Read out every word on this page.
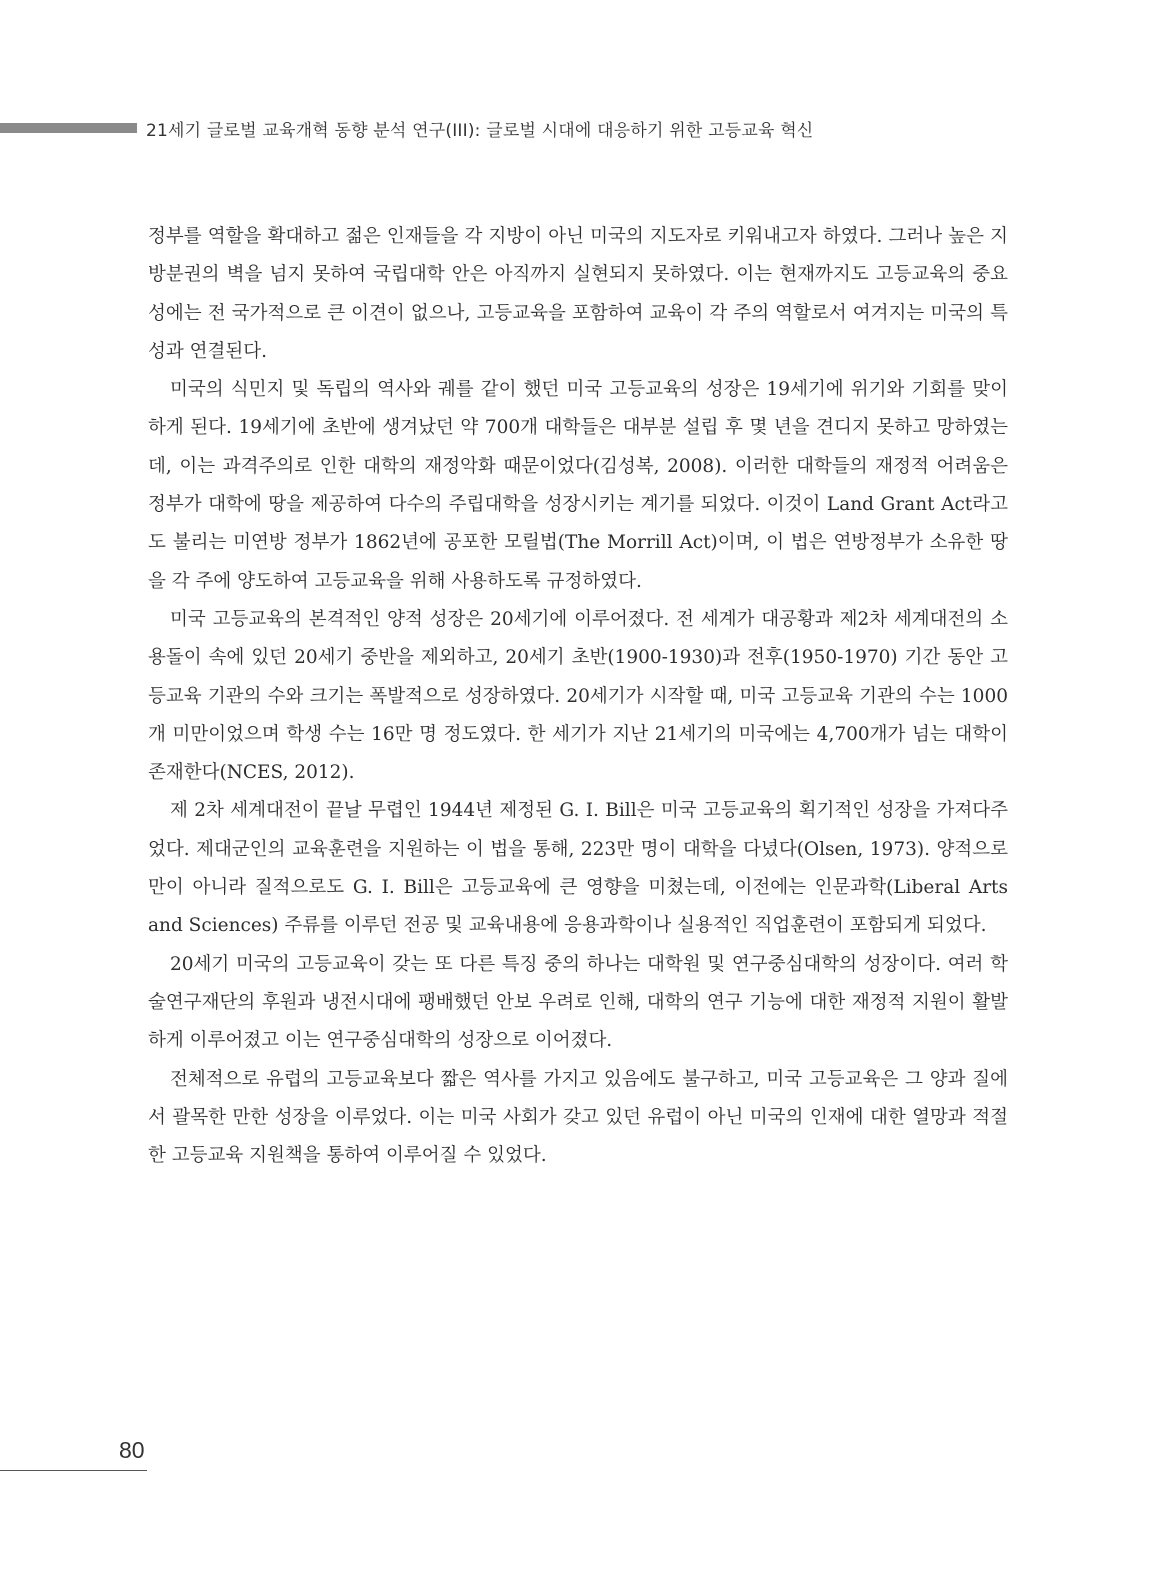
21세기 글로벌 교육개혁 동향 분석 연구(III): 글로벌 시대에 대응하기 위한 고등교육 혁신

정부를 역할을 확대하고 젊은 인재들을 각 지방이 아닌 미국의 지도자로 키워내고자 하였다. 그러나 높은 지방분권의 벽을 넘지 못하여 국립대학 안은 아직까지 실현되지 못하였다. 이는 현재까지도 고등교육의 중요성에는 전 국가적으로 큰 이견이 없으나, 고등교육을 포함하여 교육이 각 주의 역할로서 여겨지는 미국의 특성과 연결된다.

미국의 식민지 및 독립의 역사와 궤를 같이 했던 미국 고등교육의 성장은 19세기에 위기와 기회를 맞이하게 된다. 19세기에 초반에 생겨났던 약 700개 대학들은 대부분 설립 후 몇 년을 견디지 못하고 망하였는데, 이는 과격주의로 인한 대학의 재정악화 때문이었다(김성복, 2008). 이러한 대학들의 재정적 어려움은 정부가 대학에 땅을 제공하여 다수의 주립대학을 성장시키는 계기를 되었다. 이것이 Land Grant Act라고도 불리는 미연방 정부가 1862년에 공포한 모릴법(The Morrill Act)이며, 이 법은 연방정부가 소유한 땅을 각 주에 양도하여 고등교육을 위해 사용하도록 규정하였다.

미국 고등교육의 본격적인 양적 성장은 20세기에 이루어졌다. 전 세계가 대공황과 제2차 세계대전의 소용돌이 속에 있던 20세기 중반을 제외하고, 20세기 초반(1900-1930)과 전후(1950-1970) 기간 동안 고등교육 기관의 수와 크기는 폭발적으로 성장하였다. 20세기가 시작할 때, 미국 고등교육 기관의 수는 1000개 미만이었으며 학생 수는 16만 명 정도였다. 한 세기가 지난 21세기의 미국에는 4,700개가 넘는 대학이 존재한다(NCES, 2012).

제 2차 세계대전이 끝날 무렵인 1944년 제정된 G. I. Bill은 미국 고등교육의 획기적인 성장을 가져다주었다. 제대군인의 교육훈련을 지원하는 이 법을 통해, 223만 명이 대학을 다녔다(Olsen, 1973). 양적으로만이 아니라 질적으로도 G. I. Bill은 고등교육에 큰 영향을 미쳤는데, 이전에는 인문과학(Liberal Arts and Sciences) 주류를 이루던 전공 및 교육내용에 응용과학이나 실용적인 직업훈련이 포함되게 되었다.

20세기 미국의 고등교육이 갖는 또 다른 특징 중의 하나는 대학원 및 연구중심대학의 성장이다. 여러 학술연구재단의 후원과 냉전시대에 팽배했던 안보 우려로 인해, 대학의 연구 기능에 대한 재정적 지원이 활발하게 이루어졌고 이는 연구중심대학의 성장으로 이어졌다.

전체적으로 유럽의 고등교육보다 짧은 역사를 가지고 있음에도 불구하고, 미국 고등교육은 그 양과 질에서 괄목한 만한 성장을 이루었다. 이는 미국 사회가 갖고 있던 유럽이 아닌 미국의 인재에 대한 열망과 적절한 고등교육 지원책을 통하여 이루어질 수 있었다.

80
